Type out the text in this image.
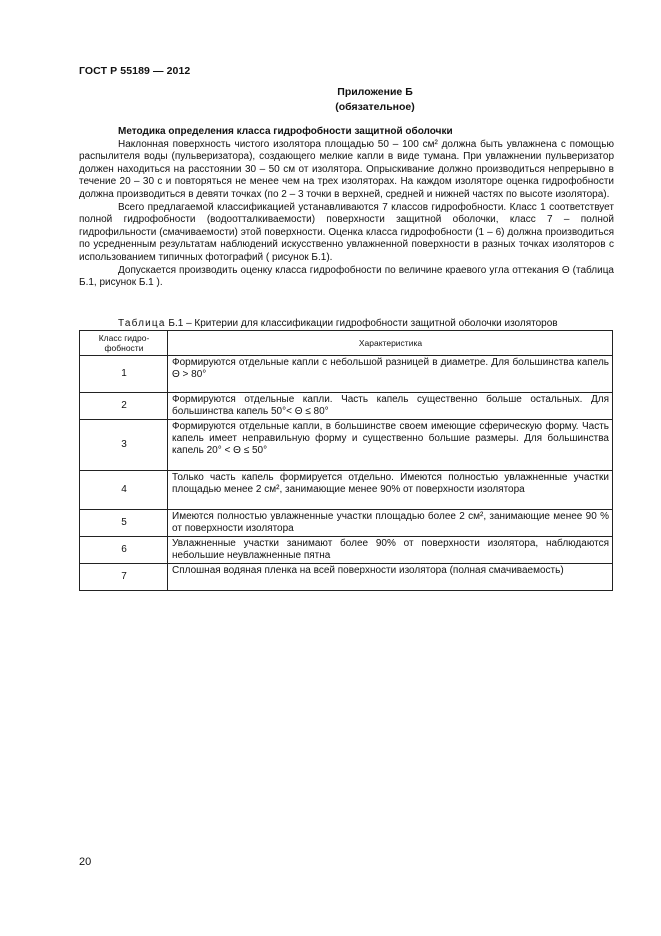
ГОСТ Р 55189 — 2012
Приложение Б
(обязательное)

Методика определения класса гидрофобности защитной оболочки

Наклонная поверхность чистого изолятора площадью 50 – 100 см² должна быть увлажнена с помощью распылителя воды (пульверизатора), создающего мелкие капли в виде тумана. При увлажнении пульверизатор должен находиться на расстоянии 30 – 50 см от изолятора. Опрыскивание должно производиться непрерывно в течение 20 – 30 с и повторяться не менее чем на трех изоляторах. На каждом изоляторе оценка гидрофобности должна производиться в девяти точках (по 2 – 3 точки в верхней, средней и нижней частях по высоте изолятора).

Всего предлагаемой классификацией устанавливаются 7 классов гидрофобности. Класс 1 соответствует полной гидрофобности (водоотталкиваемости) поверхности защитной оболочки, класс 7 – полной гидрофильности (смачиваемости) этой поверхности. Оценка класса гидрофобности (1 – 6) должна производиться по усредненным результатам наблюдений искусственно увлажненной поверхности в разных точках изоляторов с использованием типичных фотографий ( рисунок Б.1).

Допускается производить оценку класса гидрофобности по величине краевого угла оттекания Θ (таблица Б.1, рисунок Б.1 ).

Таблица Б.1 – Критерии для классификации гидрофобности защитной оболочки изоляторов
Класс гидро-фобности	Характеристика
1	Формируются отдельные капли с небольшой разницей в диаметре. Для большинства капель Θ > 80°
2	Формируются отдельные капли. Часть капель существенно больше остальных. Для большинства капель 50°< Θ ≤ 80°
3	Формируются отдельные капли, в большинстве своем имеющие сферическую форму. Часть капель имеет неправильную форму и существенно большие размеры. Для большинства капель 20° < Θ ≤ 50°
4	Только часть капель формируется отдельно. Имеются полностью увлажненные участки площадью менее 2 см², занимающие менее 90% от поверхности изолятора
5	Имеются полностью увлажненные участки площадью более 2 см², занимающие менее 90 % от поверхности изолятора
6	Увлажненные участки занимают более 90% от поверхности изолятора, наблюдаются небольшие неувлажненные пятна
7	Сплошная водяная пленка на всей поверхности изолятора (полная смачиваемость)
20
